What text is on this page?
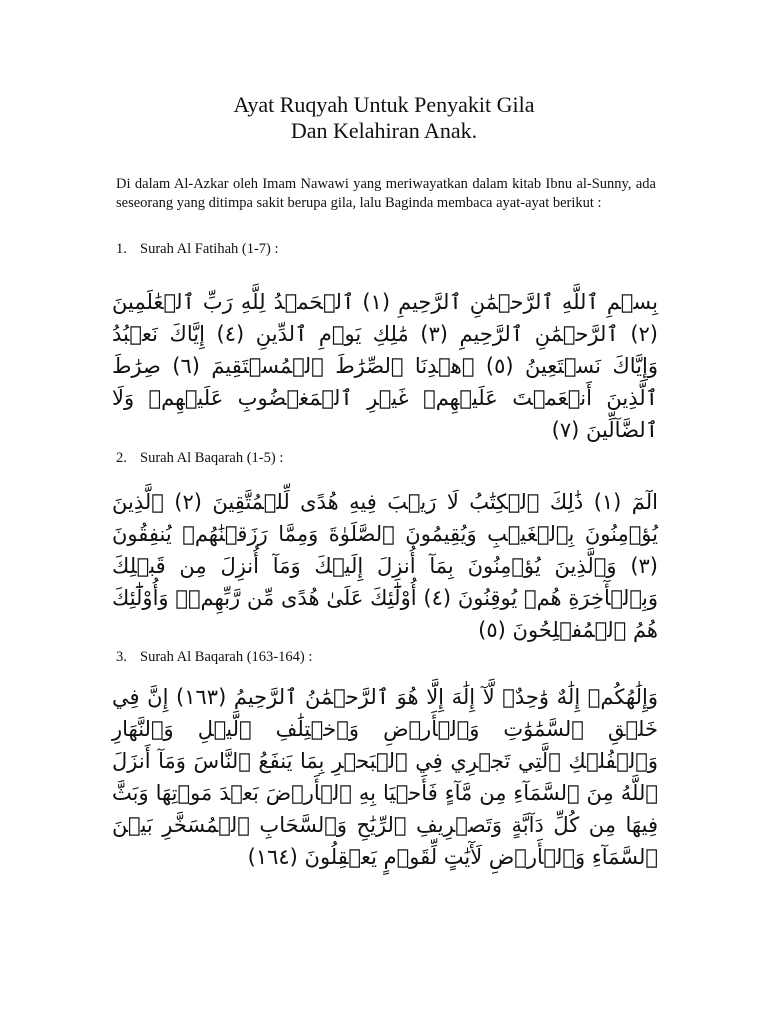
Ayat Ruqyah Untuk Penyakit Gila
Dan Kelahiran Anak.
Di dalam Al-Azkar oleh Imam Nawawi yang meriwayatkan dalam kitab Ibnu al-Sunny, ada seseorang yang ditimpa sakit berupa gila, lalu Baginda membaca ayat-ayat berikut :
1. Surah Al Fatihah (1-7) :
بِسۡمِ ٱللَّهِ ٱلرَّحۡمَٰنِ ٱلرَّحِيمِ (١) ٱلۡحَمۡدُ لِلَّهِ رَبِّ ٱلۡعَٰلَمِينَ (٢) ٱلرَّحۡمَٰنِ ٱلرَّحِيمِ (٣) مَٰلِكِ يَوۡمِ ٱلدِّينِ (٤) إِيَّاكَ نَعۡبُدُ وَإِيَّاكَ نَسۡتَعِينُ (٥) ٱهۡدِنَا ٱلصِّرَٰطَ ٱلۡمُسۡتَقِيمَ (٦) صِرَٰطَ ٱلَّذِينَ أَنۡعَمۡتَ عَلَيۡهِمۡ غَيۡرِ ٱلۡمَغۡضُوبِ عَلَيۡهِمۡ وَلَا ٱلضَّآلِّينَ (٧)
2. Surah Al Baqarah (1-5) :
الٓمٓ (١) ذَٰلِكَ ٱلۡكِتَٰبُ لَا رَيۡبَ فِيهِ هُدًى لِّلۡمُتَّقِينَ (٢) ٱلَّذِينَ يُؤۡمِنُونَ بِٱلۡغَيۡبِ وَيُقِيمُونَ ٱلصَّلَوٰةَ وَمِمَّا رَزَقۡنَٰهُمۡ يُنفِقُونَ (٣) وَٱلَّذِينَ يُؤۡمِنُونَ بِمَآ أُنزِلَ إِلَيۡكَ وَمَآ أُنزِلَ مِن قَبۡلِكَ وَبِٱلۡأٓخِرَةِ هُمۡ يُوقِنُونَ (٤) أُوْلَٰٓئِكَ عَلَىٰ هُدًى مِّن رَّبِّهِمۡۖ وَأُوْلَٰٓئِكَ هُمُ ٱلۡمُفۡلِحُونَ (٥)
3. Surah Al Baqarah (163-164) :
وَإِلَٰهُكُمۡ إِلَٰهٌ وَٰحِدٌۖ لَّآ إِلَٰهَ إِلَّا هُوَ ٱلرَّحۡمَٰنُ ٱلرَّحِيمُ (١٦٣) إِنَّ فِي خَلۡقِ ٱلسَّمَٰوَٰتِ وَٱلۡأَرۡضِ وَٱخۡتِلَٰفِ ٱلَّيۡلِ وَٱلنَّهَارِ وَٱلۡفُلۡكِ ٱلَّتِي تَجۡرِي فِي ٱلۡبَحۡرِ بِمَا يَنفَعُ ٱلنَّاسَ وَمَآ أَنزَلَ ٱللَّهُ مِنَ ٱلسَّمَآءِ مِن مَّآءٍ فَأَحۡيَا بِهِ ٱلۡأَرۡضَ بَعۡدَ مَوۡتِهَا وَبَثَّ فِيهَا مِن كُلِّ دَآبَّةٍ وَتَصۡرِيفِ ٱلرِّيَٰحِ وَٱلسَّحَابِ ٱلۡمُسَخَّرِ بَيۡنَ ٱلسَّمَآءِ وَٱلۡأَرۡضِ لَأٓيَٰتٍ لِّقَوۡمٍ يَعۡقِلُونَ (١٦٤)
